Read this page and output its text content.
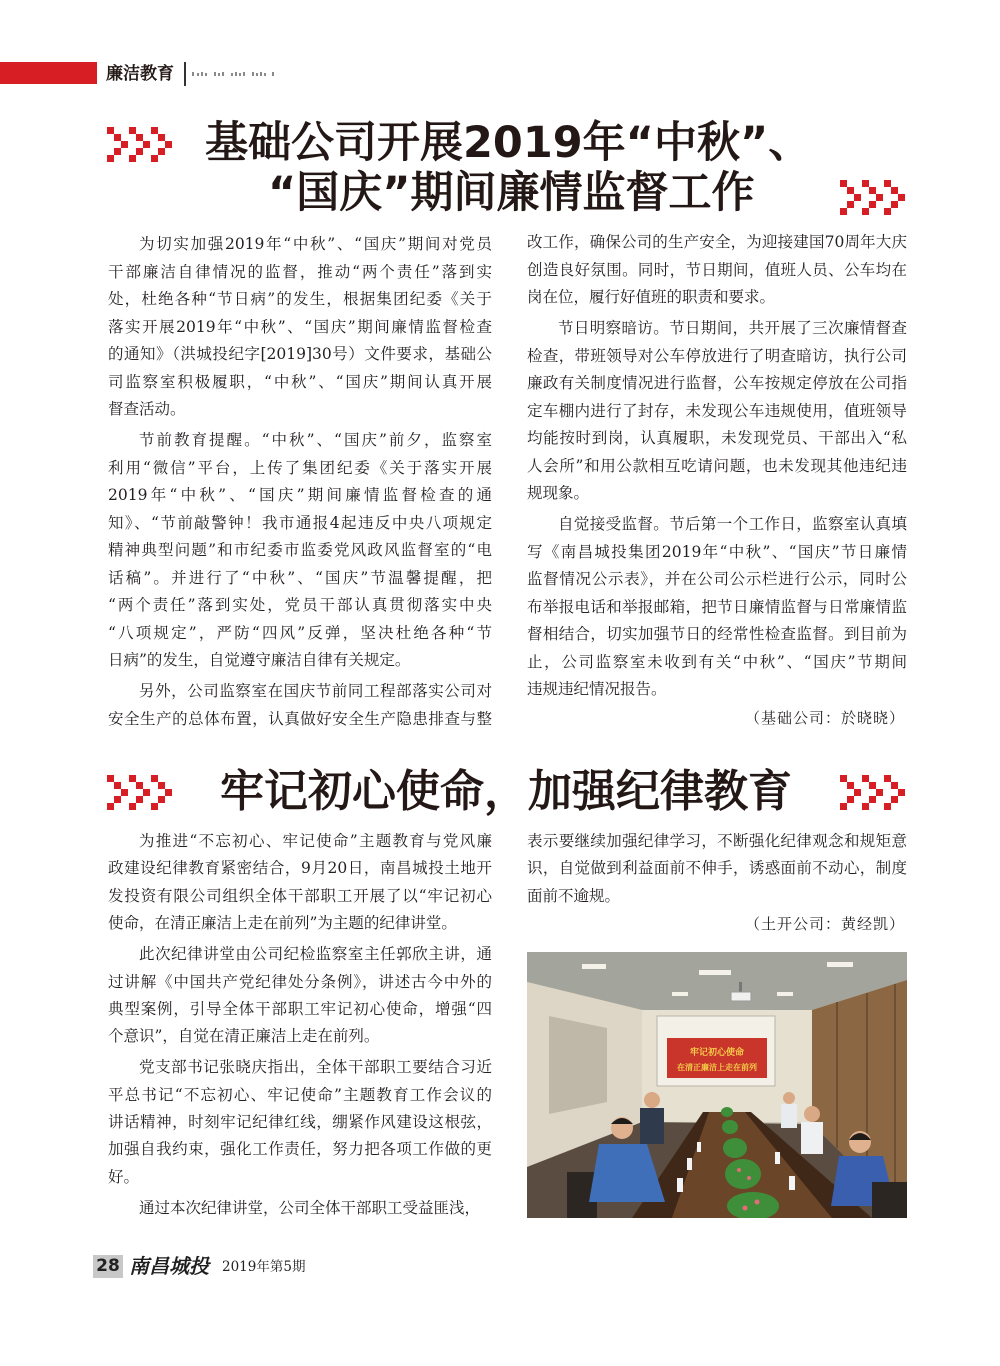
廉洁教育
基础公司开展2019年“中秋”、
“国庆”期间廉情监督工作
为切实加强2019年“中秋”、“国庆”期间对党员
干部廉洁自律情况的监督，推动“两个责任”落到实
处，杜绝各种“节日病”的发生，根据集团纪委《关于
落实开展2019年“中秋”、“国庆”期间廉情监督检查
的通知》（洪城投纪字[2019]30号）文件要求，基础公
司监察室积极履职，“中秋”、“国庆”期间认真开展
督查活动。
节前教育提醒。“中秋”、“国庆”前夕，监察室
利用“微信”平台，上传了集团纪委《关于落实开展
2019年“中秋”、“国庆”期间廉情监督检查的通
知》、“节前敲警钟！我市通报4起违反中央八项规定
精神典型问题”和市纪委市监委党风政风监督室的“电
话稿”。并进行了“中秋”、“国庆”节温馨提醒，把
“两个责任”落到实处，党员干部认真贯彻落实中央
“八项规定”，严防“四风”反弹，坚决杜绝各种“节
日病”的发生，自觉遵守廉洁自律有关规定。
另外，公司监察室在国庆节前同工程部落实公司对
安全生产的总体布置，认真做好安全生产隐患排查与整
改工作，确保公司的生产安全，为迎接建国70周年大庆
创造良好氛围。同时，节日期间，值班人员、公车均在
岗在位，履行好值班的职责和要求。
节日明察暗访。节日期间，共开展了三次廉情督查
检查，带班领导对公车停放进行了明查暗访，执行公司
廉政有关制度情况进行监督，公车按规定停放在公司指
定车棚内进行了封存，未发现公车违规使用，值班领导
均能按时到岗，认真履职，未发现党员、干部出入“私
人会所”和用公款相互吃请问题，也未发现其他违纪违
规现象。
自觉接受监督。节后第一个工作日，监察室认真填
写《南昌城投集团2019年“中秋”、“国庆”节日廉情
监督情况公示表》，并在公司公示栏进行公示，同时公
布举报电话和举报邮箱，把节日廉情监督与日常廉情监
督相结合，切实加强节日的经常性检查监督。到目前为
止，公司监察室未收到有关“中秋”、“国庆”节期间
违规违纪情况报告。
（基础公司：於晓晓）
牢记初心使命，加强纪律教育
为推进“不忘初心、牢记使命”主题教育与党风廉
政建设纪律教育紧密结合，9月20日，南昌城投土地开
发投资有限公司组织全体干部职工开展了以“牢记初心
使命，在清正廉洁上走在前列”为主题的纪律讲堂。
此次纪律讲堂由公司纪检监察室主任郭欣主讲，通
过讲解《中国共产党纪律处分条例》，讲述古今中外的
典型案例，引导全体干部职工牢记初心使命，增强“四
个意识”，自觉在清正廉洁上走在前列。
党支部书记张晓庆指出，全体干部职工要结合习近
平总书记“不忘初心、牢记使命”主题教育工作会议的
讲话精神，时刻牢记纪律红线，绷紧作风建设这根弦，
加强自我约束，强化工作责任，努力把各项工作做的更
好。
通过本次纪律讲堂，公司全体干部职工受益匪浅，
表示要继续加强纪律学习，不断强化纪律观念和规矩意
识，自觉做到利益面前不伸手，诱惑面前不动心，制度
面前不逾规。
（土开公司：黄经凯）
牢记初心使命
在清正廉洁上走在前列
28 南昌城投 2019年第5期
